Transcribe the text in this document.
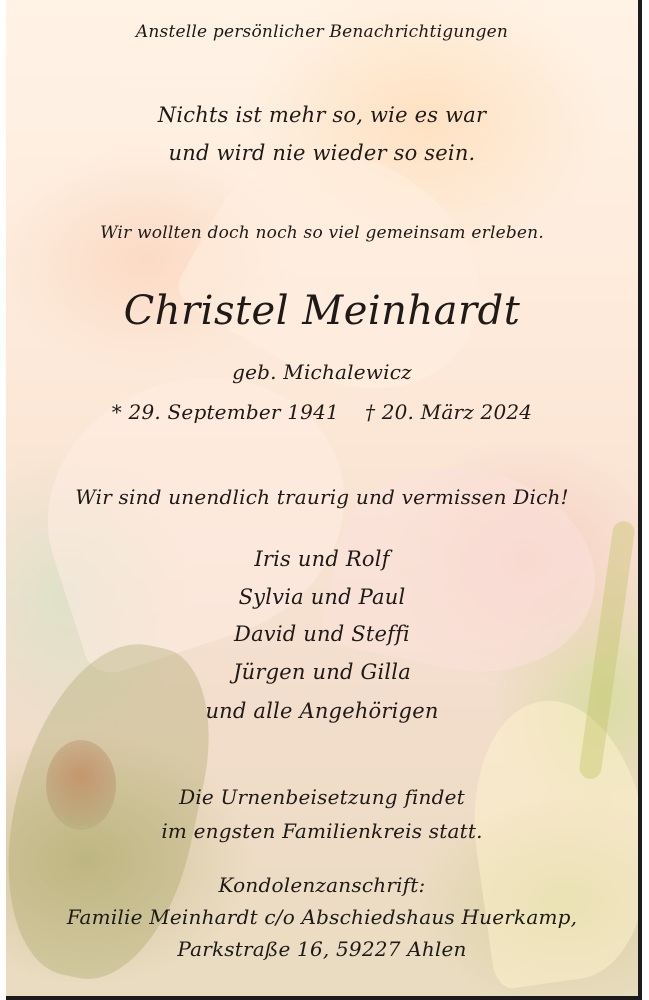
Anstelle persönlicher Benachrichtigungen
Nichts ist mehr so, wie es war
und wird nie wieder so sein.
Wir wollten doch noch so viel gemeinsam erleben.
Christel Meinhardt
geb. Michalewicz
* 29. September 1941 † 20. März 2024
Wir sind unendlich traurig und vermissen Dich!
Iris und Rolf
Sylvia und Paul
David und Steffi
Jürgen und Gilla
und alle Angehörigen
Die Urnenbeisetzung findet
im engsten Familienkreis statt.
Kondolenzanschrift:
Familie Meinhardt c/o Abschiedshaus Huerkamp,
Parkstraße 16, 59227 Ahlen
